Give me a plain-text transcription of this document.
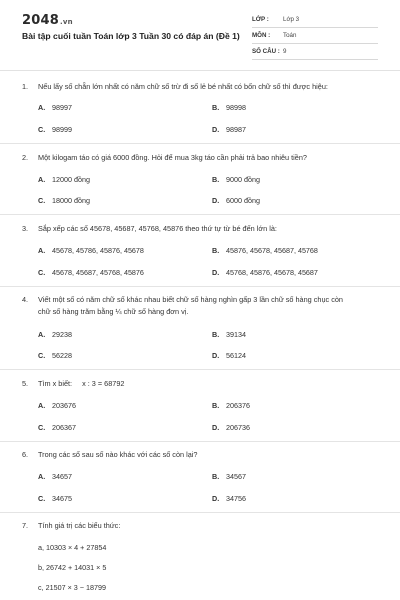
2048.vn
Bài tập cuối tuần Toán lớp 3 Tuần 30 có đáp án (Đề 1)
LỚP :	Lớp 3
MÔN :	Toán
SỐ CÂU : 9
1. Nếu lấy số chẵn lớn nhất có năm chữ số trừ đi số lẻ bé nhất có bốn chữ số thì được hiệu:
A. 98997	B. 98998
C. 98999	D. 98987
2. Một kilogam táo có giá 6000 đồng. Hỏi để mua 3kg táo cần phải trả bao nhiêu tiền?
A. 12000 đồng	B. 9000 đồng
C. 18000 đồng	D. 6000 đồng
3. Sắp xếp các số 45678, 45687, 45768, 45876 theo thứ tự từ bé đến lớn là:
A. 45678, 45786, 45876, 45678	B. 45876, 45678, 45687, 45768
C. 45678, 45687, 45768, 45876	D. 45768, 45876, 45678, 45687
4. Viết một số có năm chữ số khác nhau biết chữ số hàng nghìn gấp 3 lần chữ số hàng chục còn
chữ số hàng trăm bằng ¼ chữ số hàng đơn vị.
A. 29238	B. 39134
C. 56228	D. 56124
5. Tìm x biết: x : 3 = 68792
A. 203676	B. 206376
C. 206367	D. 206736
6. Trong các số sau số nào khác với các số còn lại?
A. 34657	B. 34567
C. 34675	D. 34756
7. Tính giá trị các biểu thức:
a, 10303 × 4 + 27854
b, 26742 + 14031 × 5
c, 21507 × 3 − 18799
